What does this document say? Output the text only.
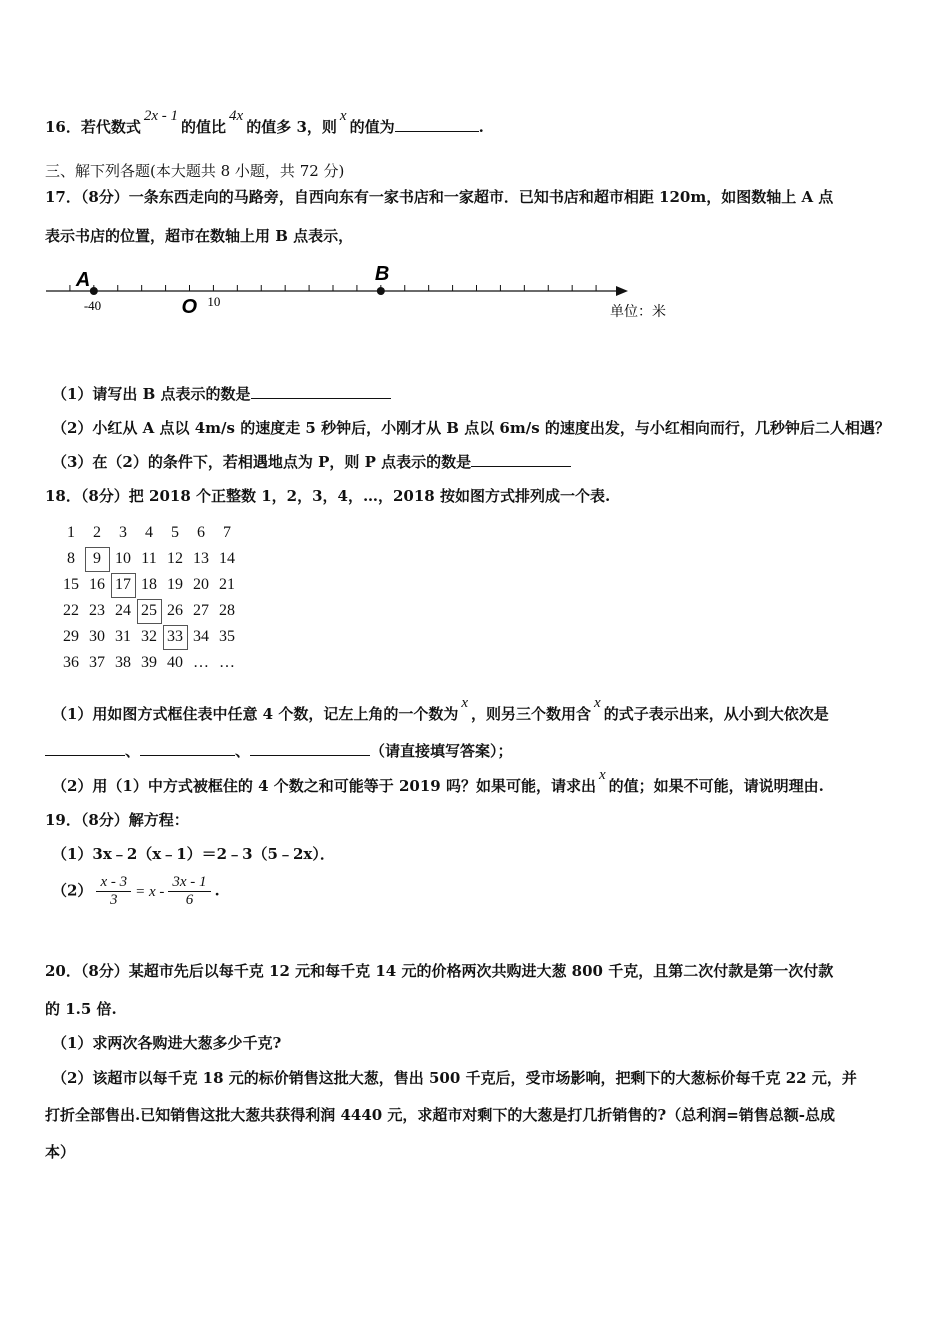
16．若代数式2x - 1的值比4x的值多 3，则x的值为	.
三、解下列各题(本大题共 8 小题，共 72 分)
17．（8分）一条东西走向的马路旁，自西向东有一家书店和一家超市．已知书店和超市相距 120m，如图数轴上 A 点
表示书店的位置，超市在数轴上用 B 点表示，
A	B
O
-40	10
单位：米
（1）请写出 B 点表示的数是
（2）小红从 A 点以 4m/s 的速度走 5 秒钟后，小刚才从 B 点以 6m/s 的速度出发，与小红相向而行，几秒钟后二人相遇？
（3）在（2）的条件下，若相遇地点为 P，则 P 点表示的数是
18．（8分）把 2018 个正整数 1，2，3，4，…，2018 按如图方式排列成一个表.
1	2	3	4	5	6	7
8	9 10 11 12 13 14
15 16 17 18 19 20 21
22 23 24 25 26 27 28
29 30 31 32 33 34 35
36 37 38 39 40 … …
（1）用如图方式框住表中任意 4 个数，记左上角的一个数为x，则另三个数用含x的式子表示出来，从小到大依次是
、	、	（请直接填写答案）；
（2）用（1）中方式被框住的 4 个数之和可能等于 2019 吗？如果可能，请求出x的值；如果不可能，请说明理由.
19．（8分）解方程：
（1）3x﹣2（x﹣1）＝2﹣3（5﹣2x）．
$(2) \frac{x - 3}{3} = x - \frac{3x - 1}{6}$ .
20．（8分）某超市先后以每千克 12 元和每千克 14 元的价格两次共购进大葱 800 千克，且第二次付款是第一次付款
的 1.5 倍.
（1）求两次各购进大葱多少千克?
（2）该超市以每千克 18 元的标价销售这批大葱，售出 500 千克后，受市场影响，把剩下的大葱标价每千克 22 元，并
打折全部售出.已知销售这批大葱共获得利润 4440 元，求超市对剩下的大葱是打几折销售的?（总利润=销售总额-总成
本）
